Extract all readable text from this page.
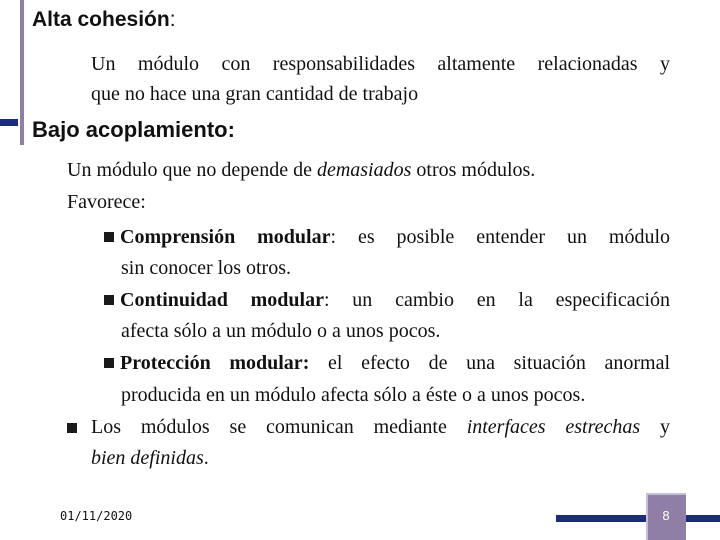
Alta cohesión:
Un módulo con responsabilidades altamente relacionadas y
que no hace una gran cantidad de trabajo
Bajo acoplamiento:
Un módulo que no depende de demasiados otros módulos.
Favorece:
Comprensión modular: es posible entender un módulo
sin conocer los otros.
Continuidad modular: un cambio en la especificación
afecta sólo a un módulo o a unos pocos.
Protección modular: el efecto de una situación anormal
producida en un módulo afecta sólo a éste o a unos pocos.
Los módulos se comunican mediante interfaces estrechas y
bien definidas.
01/11/2020	8
